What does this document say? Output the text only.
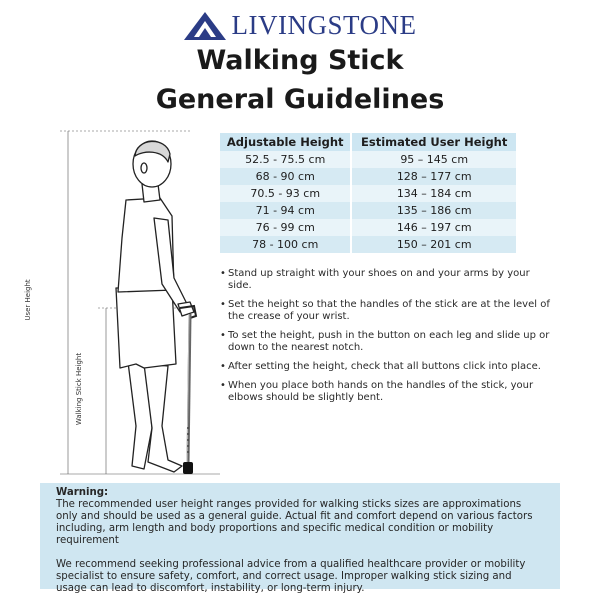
LIVINGSTONE
Walking Stick
General Guidelines
User Height
Walking Stick Height
Adjustable Height	Estimated User Height
52.5 - 75.5 cm	95 – 145 cm
68 - 90 cm	128 – 177 cm
70.5 - 93 cm	134 – 184 cm
71 - 94 cm	135 – 186 cm
76 - 99 cm	146 – 197 cm
78 - 100 cm	150 – 201 cm
• Stand up straight with your shoes on and your arms by your side.
• Set the height so that the handles of the stick are at the level of the crease of your wrist.
• To set the height, push in the button on each leg and slide up or down to the nearest notch.
• After setting the height, check that all buttons click into place.
• When you place both hands on the handles of the stick, your elbows should be slightly bent.
Warning:

The recommended user height ranges provided for walking sticks sizes are approximations only and should be used as a general guide. Actual fit and comfort depend on various factors including, arm length and body proportions and specific medical condition or mobility requirement

We recommend seeking professional advice from a qualified healthcare provider or mobility specialist to ensure safety, comfort, and correct usage. Improper walking stick sizing and usage can lead to discomfort, instability, or long-term injury.
